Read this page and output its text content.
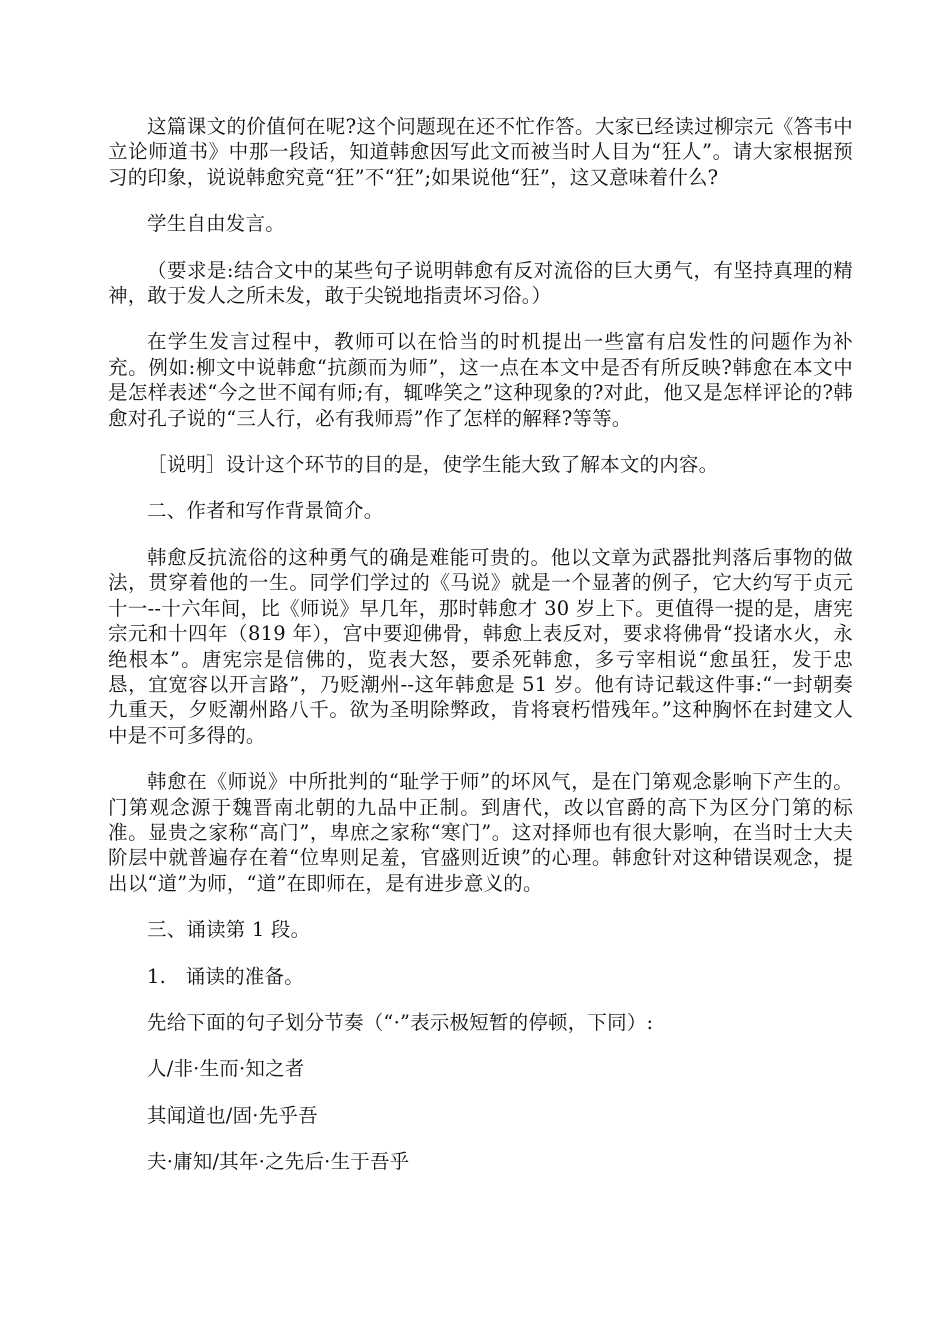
这篇课文的价值何在呢?这个问题现在还不忙作答。大家已经读过柳宗元《答韦中立论师道书》中那一段话，知道韩愈因写此文而被当时人目为“狂人”。请大家根据预习的印象，说说韩愈究竟“狂”不“狂”;如果说他“狂”，这又意味着什么?

学生自由发言。

（要求是:结合文中的某些句子说明韩愈有反对流俗的巨大勇气，有坚持真理的精神，敢于发人之所未发，敢于尖锐地指责坏习俗。）

在学生发言过程中，教师可以在恰当的时机提出一些富有启发性的问题作为补充。例如:柳文中说韩愈“抗颜而为师”，这一点在本文中是否有所反映?韩愈在本文中是怎样表述“今之世不闻有师;有，辄哗笑之”这种现象的?对此，他又是怎样评论的?韩愈对孔子说的“三人行，必有我师焉”作了怎样的解释?等等。

［说明］设计这个环节的目的是，使学生能大致了解本文的内容。

二、作者和写作背景简介。

韩愈反抗流俗的这种勇气的确是难能可贵的。他以文章为武器批判落后事物的做法，贯穿着他的一生。同学们学过的《马说》就是一个显著的例子，它大约写于贞元十一--十六年间，比《师说》早几年，那时韩愈才 30 岁上下。更值得一提的是，唐宪宗元和十四年（819 年），宫中要迎佛骨，韩愈上表反对，要求将佛骨“投诸水火，永绝根本”。唐宪宗是信佛的，览表大怒，要杀死韩愈，多亏宰相说“愈虽狂，发于忠恳，宜宽容以开言路”，乃贬潮州--这年韩愈是 51 岁。他有诗记载这件事:“一封朝奏九重天，夕贬潮州路八千。欲为圣明除弊政，肯将衰朽惜残年。”这种胸怀在封建文人中是不可多得的。

韩愈在《师说》中所批判的“耻学于师”的坏风气，是在门第观念影响下产生的。门第观念源于魏晋南北朝的九品中正制。到唐代，改以官爵的高下为区分门第的标准。显贵之家称“高门”，卑庶之家称“寒门”。这对择师也有很大影响，在当时士大夫阶层中就普遍存在着“位卑则足羞，官盛则近谀”的心理。韩愈针对这种错误观念，提出以“道”为师，“道”在即师在，是有进步意义的。

三、诵读第 1 段。

1.　诵读的准备。

先给下面的句子划分节奏（“·”表示极短暂的停顿，下同）:

人/非·生而·知之者

其闻道也/固·先乎吾

夫·庸知/其年·之先后·生于吾乎
